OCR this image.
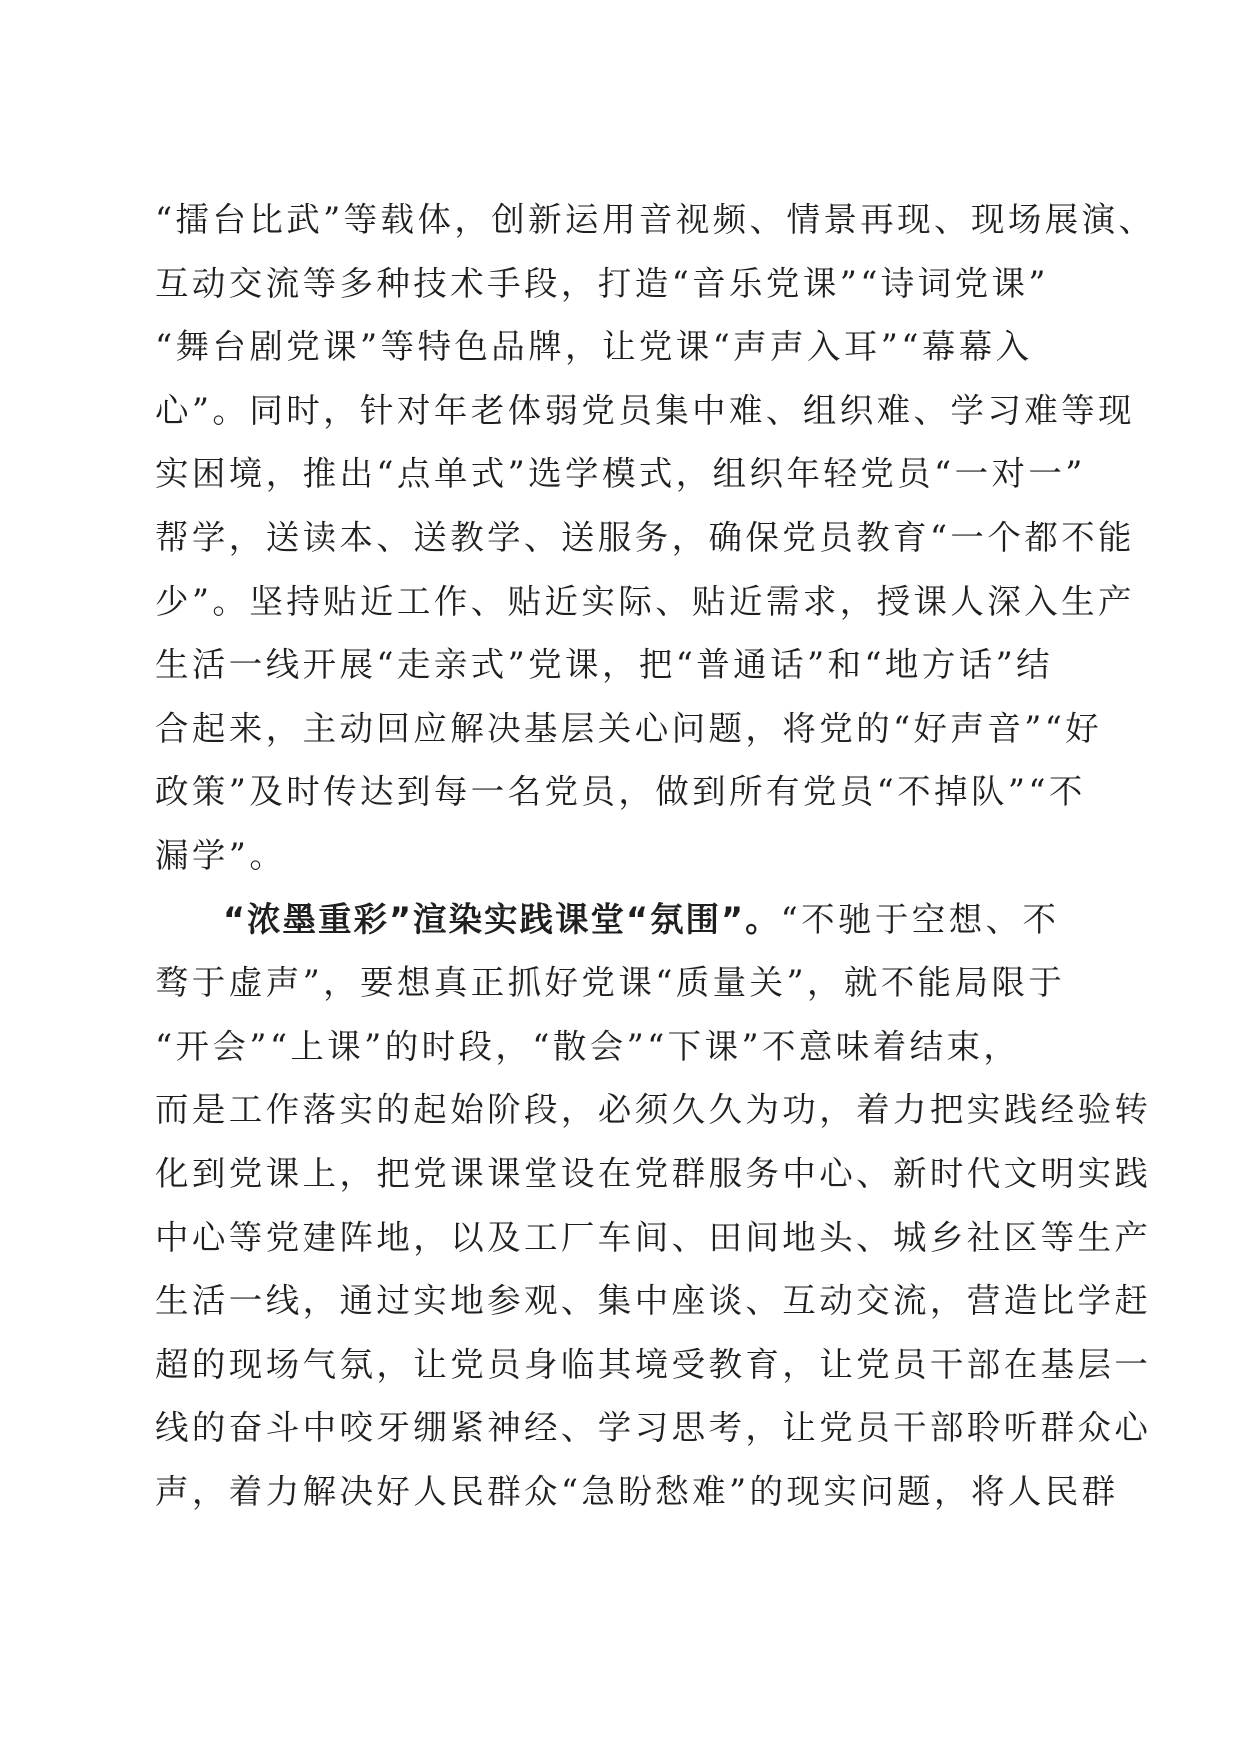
“擂台比武”等载体，创新运用音视频、情景再现、现场展演、
互动交流等多种技术手段，打造“音乐党课”“诗词党课”
“舞台剧党课”等特色品牌，让党课“声声入耳”“幕幕入
心”。同时，针对年老体弱党员集中难、组织难、学习难等现
实困境，推出“点单式”选学模式，组织年轻党员“一对一”
帮学，送读本、送教学、送服务，确保党员教育“一个都不能
少”。坚持贴近工作、贴近实际、贴近需求，授课人深入生产
生活一线开展“走亲式”党课，把“普通话”和“地方话”结
合起来，主动回应解决基层关心问题，将党的“好声音”“好
政策”及时传达到每一名党员，做到所有党员“不掉队”“不
漏学”。
“浓墨重彩”渲染实践课堂“氛围”。“不驰于空想、不
骛于虚声”，要想真正抓好党课“质量关”，就不能局限于
“开会”“上课”的时段，“散会”“下课”不意味着结束，
而是工作落实的起始阶段，必须久久为功，着力把实践经验转
化到党课上，把党课课堂设在党群服务中心、新时代文明实践
中心等党建阵地，以及工厂车间、田间地头、城乡社区等生产
生活一线，通过实地参观、集中座谈、互动交流，营造比学赶
超的现场气氛，让党员身临其境受教育，让党员干部在基层一
线的奋斗中咬牙绷紧神经、学习思考，让党员干部聆听群众心
声，着力解决好人民群众“急盼愁难”的现实问题，将人民群
